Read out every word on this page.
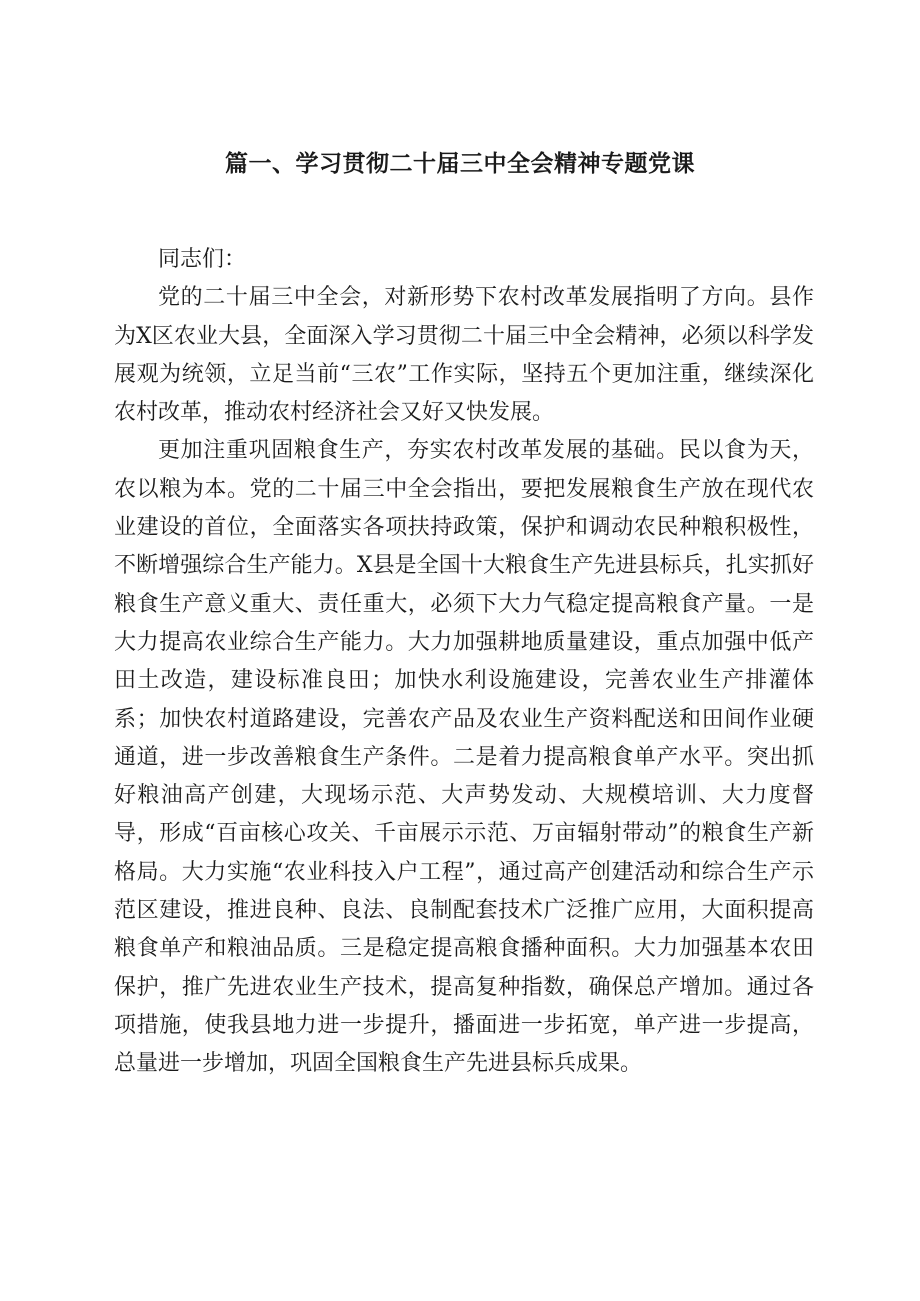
篇一、学习贯彻二十届三中全会精神专题党课

同志们：

党的二十届三中全会，对新形势下农村改革发展指明了方向。县作为X区农业大县，全面深入学习贯彻二十届三中全会精神，必须以科学发展观为统领，立足当前“三农”工作实际，坚持五个更加注重，继续深化农村改革，推动农村经济社会又好又快发展。

更加注重巩固粮食生产，夯实农村改革发展的基础。民以食为天，农以粮为本。党的二十届三中全会指出，要把发展粮食生产放在现代农业建设的首位，全面落实各项扶持政策，保护和调动农民种粮积极性，不断增强综合生产能力。X县是全国十大粮食生产先进县标兵，扎实抓好粮食生产意义重大、责任重大，必须下大力气稳定提高粮食产量。一是大力提高农业综合生产能力。大力加强耕地质量建设，重点加强中低产田土改造，建设标准良田；加快水利设施建设，完善农业生产排灌体系；加快农村道路建设，完善农产品及农业生产资料配送和田间作业硬通道，进一步改善粮食生产条件。二是着力提高粮食单产水平。突出抓好粮油高产创建，大现场示范、大声势发动、大规模培训、大力度督导，形成“百亩核心攻关、千亩展示示范、万亩辐射带动”的粮食生产新格局。大力实施“农业科技入户工程”，通过高产创建活动和综合生产示范区建设，推进良种、良法、良制配套技术广泛推广应用，大面积提高粮食单产和粮油品质。三是稳定提高粮食播种面积。大力加强基本农田保护，推广先进农业生产技术，提高复种指数，确保总产增加。通过各项措施，使我县地力进一步提升，播面进一步拓宽，单产进一步提高，总量进一步增加，巩固全国粮食生产先进县标兵成果。
